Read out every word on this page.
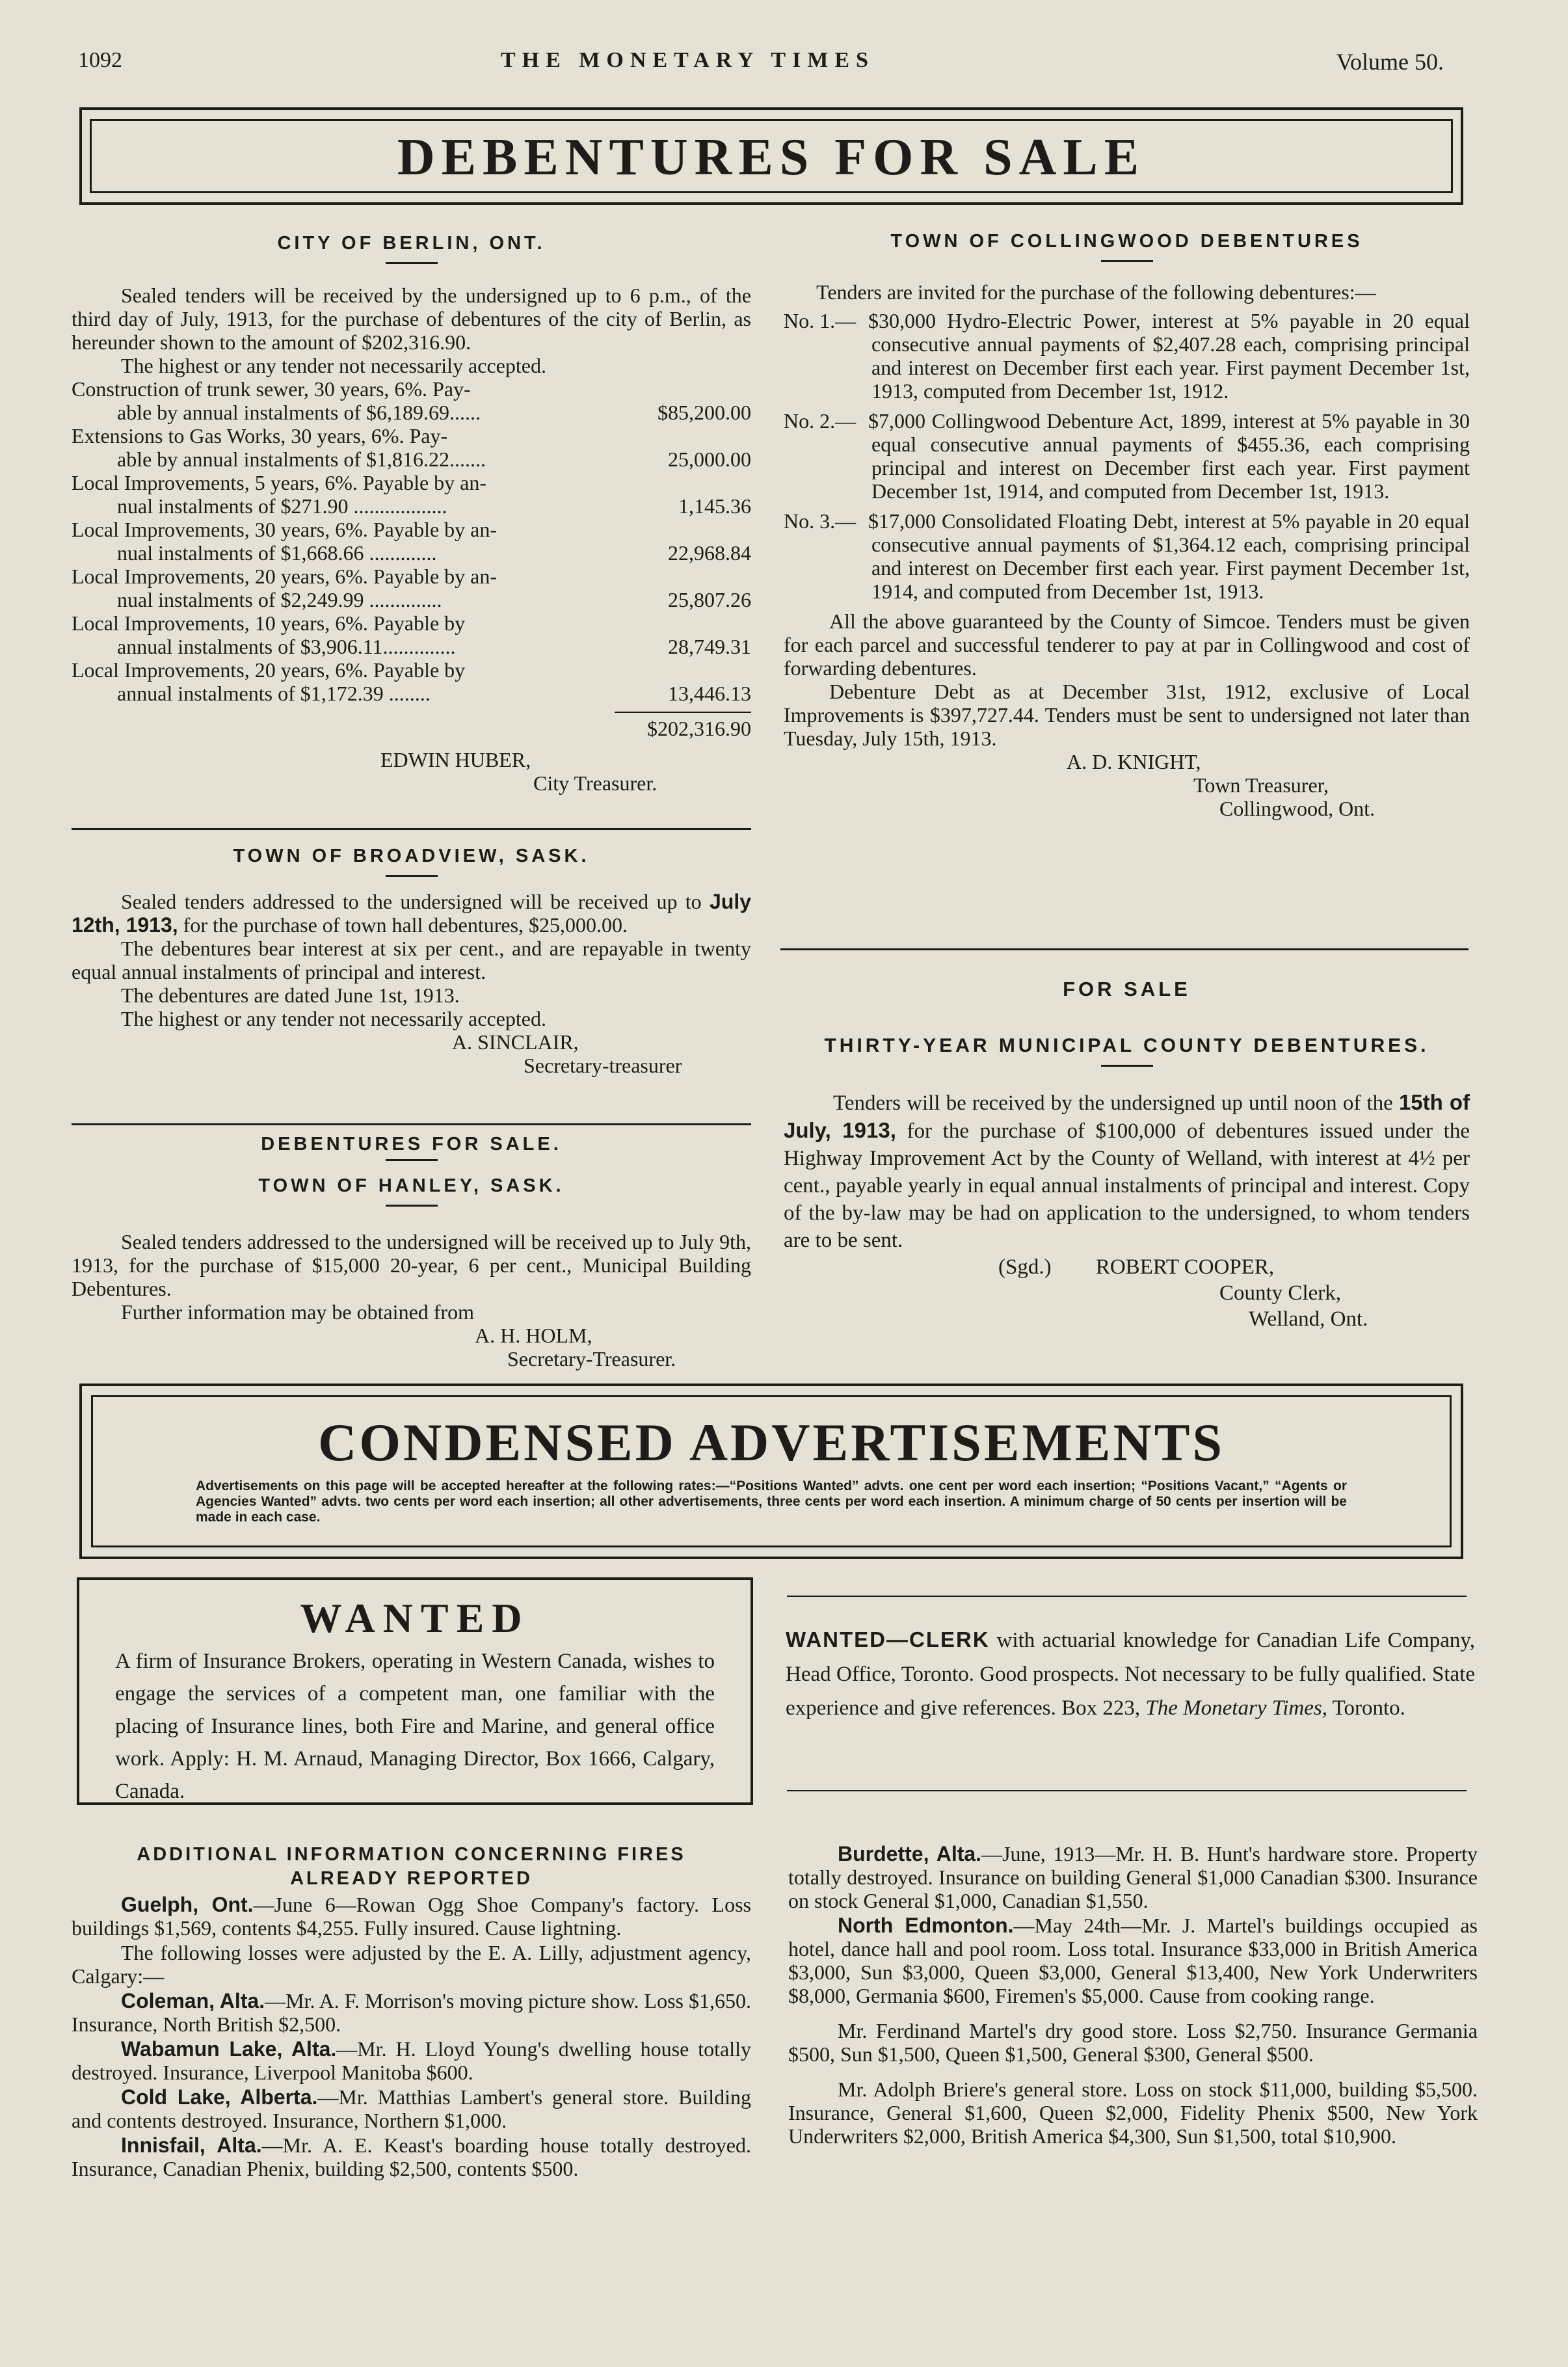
1092	THE MONETARY TIMES	Volume 50.
DEBENTURES FOR SALE
CITY OF BERLIN, ONT.
Sealed tenders will be received by the undersigned up to 6 p.m., of the third day of July, 1913, for the purchase of debentures of the city of Berlin, as hereunder shown to the amount of $202,316.90.
The highest or any tender not necessarily accepted.
Construction of trunk sewer, 30 years, 6%. Pay-
able by annual instalments of $6,189.69......	$85,200.00
Extensions to Gas Works, 30 years, 6%. Pay-
able by annual instalments of $1,816.22.......	25,000.00
Local Improvements, 5 years, 6%. Payable by an-
nual instalments of $271.90 ..................	1,145.36
Local Improvements, 30 years, 6%. Payable by an-
nual instalments of $1,668.66 .............	22,968.84
Local Improvements, 20 years, 6%. Payable by an-
nual instalments of $2,249.99 ..............	25,807.26
Local Improvements, 10 years, 6%. Payable by
annual instalments of $3,906.11..............	28,749.31
Local Improvements, 20 years, 6%. Payable by
annual instalments of $1,172.39 ........	13,446.13
$202,316.90
EDWIN HUBER,
City Treasurer.
TOWN OF BROADVIEW, SASK.
Sealed tenders addressed to the undersigned will be received up to July 12th, 1913, for the purchase of town hall debentures, $25,000.00.
The debentures bear interest at six per cent., and are repayable in twenty equal annual instalments of principal and interest.
The debentures are dated June 1st, 1913.
The highest or any tender not necessarily accepted.
A. SINCLAIR,
Secretary-treasurer
DEBENTURES FOR SALE.
TOWN OF HANLEY, SASK.
Sealed tenders addressed to the undersigned will be received up to July 9th, 1913, for the purchase of $15,000 20-year, 6 per cent., Municipal Building Debentures.
Further information may be obtained from
A. H. HOLM,
Secretary-Treasurer.
TOWN OF COLLINGWOOD DEBENTURES
Tenders are invited for the purchase of the following debentures:—
No. 1.— $30,000 Hydro-Electric Power, interest at 5% payable in 20 equal consecutive annual payments of $2,407.28 each, comprising principal and interest on December first each year. First payment December 1st, 1913, computed from December 1st, 1912.
No. 2.— $7,000 Collingwood Debenture Act, 1899, interest at 5% payable in 30 equal consecutive annual payments of $455.36, each comprising principal and interest on December first each year. First payment December 1st, 1914, and computed from December 1st, 1913.
No. 3.— $17,000 Consolidated Floating Debt, interest at 5% payable in 20 equal consecutive annual payments of $1,364.12 each, comprising principal and interest on December first each year. First payment December 1st, 1914, and computed from December 1st, 1913.
All the above guaranteed by the County of Simcoe. Tenders must be given for each parcel and successful tenderer to pay at par in Collingwood and cost of forwarding debentures.
Debenture Debt as at December 31st, 1912, exclusive of Local Improvements is $397,727.44. Tenders must be sent to undersigned not later than Tuesday, July 15th, 1913.
A. D. KNIGHT,
Town Treasurer,
Collingwood, Ont.
FOR SALE
THIRTY-YEAR MUNICIPAL COUNTY DEBENTURES.
Tenders will be received by the undersigned up until noon of the 15th of July, 1913, for the purchase of $100,000 of debentures issued under the Highway Improvement Act by the County of Welland, with interest at 4½ per cent., payable yearly in equal annual instalments of principal and interest. Copy of the by-law may be had on application to the undersigned, to whom tenders are to be sent.
(Sgd.) ROBERT COOPER,
County Clerk,
Welland, Ont.
CONDENSED ADVERTISEMENTS
Advertisements on this page will be accepted hereafter at the following rates:—“Positions Wanted” advts. one cent per word each insertion; “Positions Vacant,” “Agents or Agencies Wanted” advts. two cents per word each insertion; all other advertisements, three cents per word each insertion. A minimum charge of 50 cents per insertion will be made in each case.
WANTED
A firm of Insurance Brokers, operating in Western Canada, wishes to engage the services of a competent man, one familiar with the placing of Insurance lines, both Fire and Marine, and general office work. Apply: H. M. Arnaud, Managing Director, Box 1666, Calgary, Canada.
WANTED—CLERK with actuarial knowledge for Canadian Life Company, Head Office, Toronto. Good prospects. Not necessary to be fully qualified. State experience and give references. Box 223, The Monetary Times, Toronto.
ADDITIONAL INFORMATION CONCERNING FIRES
ALREADY REPORTED
Guelph, Ont.—June 6—Rowan Ogg Shoe Company's factory. Loss buildings $1,569, contents $4,255. Fully insured. Cause lightning.
The following losses were adjusted by the E. A. Lilly, adjustment agency, Calgary:—
Coleman, Alta.—Mr. A. F. Morrison's moving picture show. Loss $1,650. Insurance, North British $2,500.
Wabamun Lake, Alta.—Mr. H. Lloyd Young's dwelling house totally destroyed. Insurance, Liverpool Manitoba $600.
Cold Lake, Alberta.—Mr. Matthias Lambert's general store. Building and contents destroyed. Insurance, Northern $1,000.
Innisfail, Alta.—Mr. A. E. Keast's boarding house totally destroyed. Insurance, Canadian Phenix, building $2,500, contents $500.
Burdette, Alta.—June, 1913—Mr. H. B. Hunt's hardware store. Property totally destroyed. Insurance on building General $1,000 Canadian $300. Insurance on stock General $1,000, Canadian $1,550.
North Edmonton.—May 24th—Mr. J. Martel's buildings occupied as hotel, dance hall and pool room. Loss total. Insurance $33,000 in British America $3,000, Sun $3,000, Queen $3,000, General $13,400, New York Underwriters $8,000, Germania $600, Firemen's $5,000. Cause from cooking range.
Mr. Ferdinand Martel's dry good store. Loss $2,750. Insurance Germania $500, Sun $1,500, Queen $1,500, General $300, General $500.
Mr. Adolph Briere's general store. Loss on stock $11,000, building $5,500. Insurance, General $1,600, Queen $2,000, Fidelity Phenix $500, New York Underwriters $2,000, British America $4,300, Sun $1,500, total $10,900.
